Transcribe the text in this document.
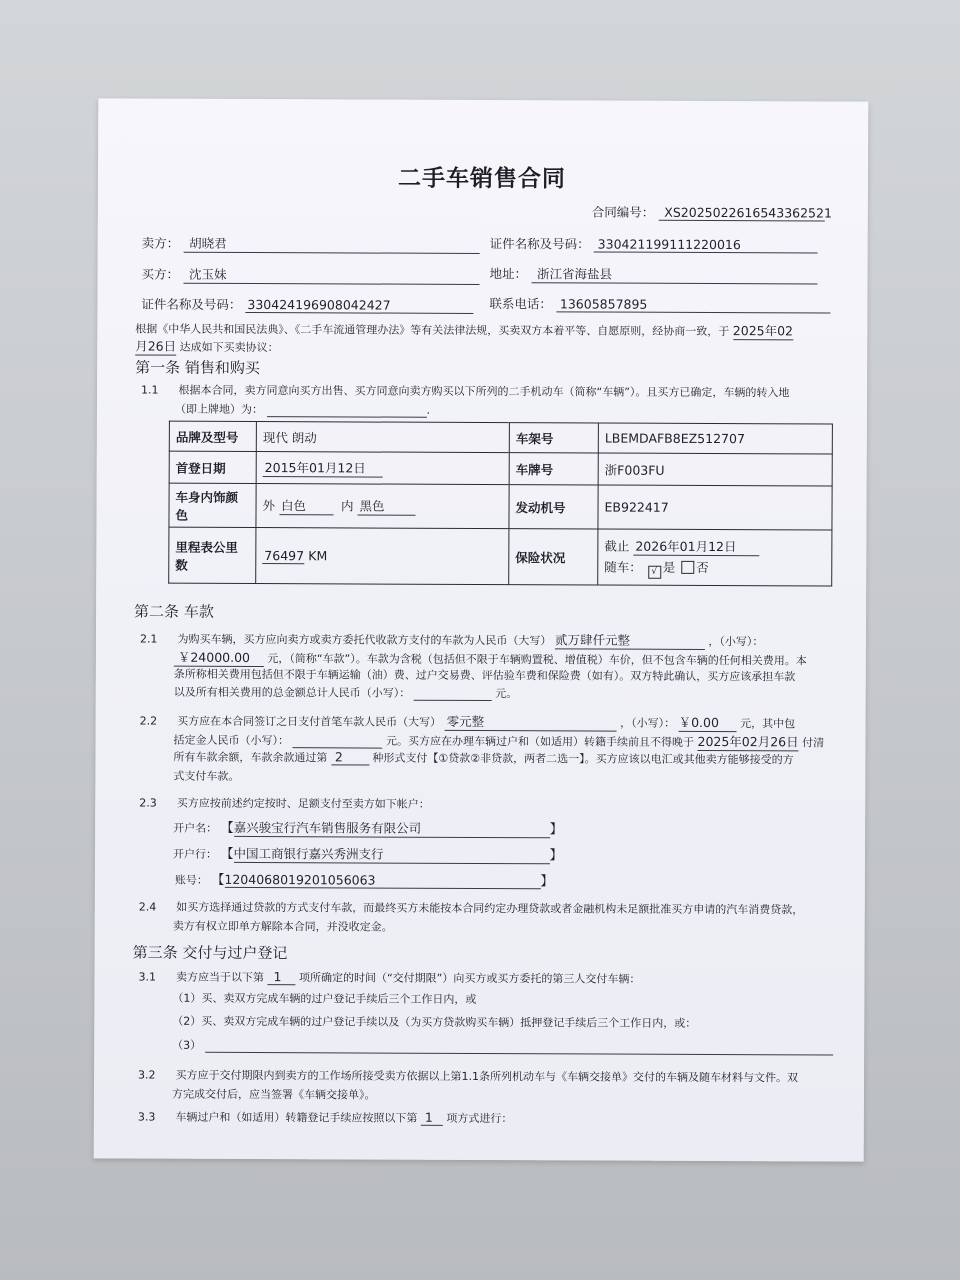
二手车销售合同
合同编号： XS2025022616543362521
卖方： 胡晓君	证件名称及号码： 330421199111220016
买方： 沈玉妹	地址： 浙江省海盐县
证件名称及号码： 330424196908042427	联系电话： 13605857895
根据《中华人民共和国民法典》、《二手车流通管理办法》等有关法律法规，买卖双方本着平等、自愿原则，经协商一致，于 2025年02
月26日 达成如下买卖协议：
第一条 销售和购买
1.1 根据本合同，卖方同意向买方出售、买方同意向卖方购买以下所列的二手机动车（简称“车辆”）。且买方已确定，车辆的转入地
（即上牌地）为：	.
品牌及型号	现代 朗动	车架号	LBEMDAFB8EZ512707
首登日期	2015年01月12日	车牌号	浙F003FU
车身内饰颜色	外 白色 内 黑色	发动机号	EB922417
里程表公里数	76497 KM	保险状况	截止 2026年01月12日
随车： √ 是 否
第二条 车款
2.1 为购买车辆，买方应向卖方或卖方委托代收款方支付的车款为人民币（大写） 贰万肆仟元整	，（小写）：
￥24000.00 元，（简称“车款”）。车款为含税（包括但不限于车辆购置税、增值税）车价，但不包含车辆的任何相关费用。本
条所称相关费用包括但不限于车辆运输（油）费、过户交易费、评估验车费和保险费（如有）。双方特此确认，买方应该承担车款
以及所有相关费用的总金额总计人民币（小写）：	元。
2.2 买方应在本合同签订之日支付首笔车款人民币（大写） 零元整	，（小写）： ￥0.00 元，其中包
括定金人民币（小写）：	元。买方应在办理车辆过户和（如适用）转籍手续前且不得晚于 2025年02月26日 付清
所有车款余额，车款余款通过第 2	种形式支付【①贷款②非贷款，两者二选一】。买方应该以电汇或其他卖方能够接受的方
式支付车款。
2.3 买方应按前述约定按时、足额支付至卖方如下帐户：
开户名： 【嘉兴骏宝行汽车销售服务有限公司	】
开户行： 【中国工商银行嘉兴秀洲支行	】
账号： 【1204068019201056063	】
2.4 如买方选择通过贷款的方式支付车款，而最终买方未能按本合同约定办理贷款或者金融机构未足额批准买方申请的汽车消费贷款，
卖方有权立即单方解除本合同，并没收定金。
第三条 交付与过户登记
3.1 卖方应当于以下第 1 项所确定的时间（“交付期限”）向买方或买方委托的第三人交付车辆：
（1）买、卖双方完成车辆的过户登记手续后三个工作日内，或
（2）买、卖双方完成车辆的过户登记手续以及（为买方贷款购买车辆）抵押登记手续后三个工作日内，或：
（3）
3.2 买方应于交付期限内到卖方的工作场所接受卖方依据以上第1.1条所列机动车与《车辆交接单》交付的车辆及随车材料与文件。双
方完成交付后，应当签署《车辆交接单》。
3.3 车辆过户和（如适用）转籍登记手续应按照以下第 1 项方式进行：
